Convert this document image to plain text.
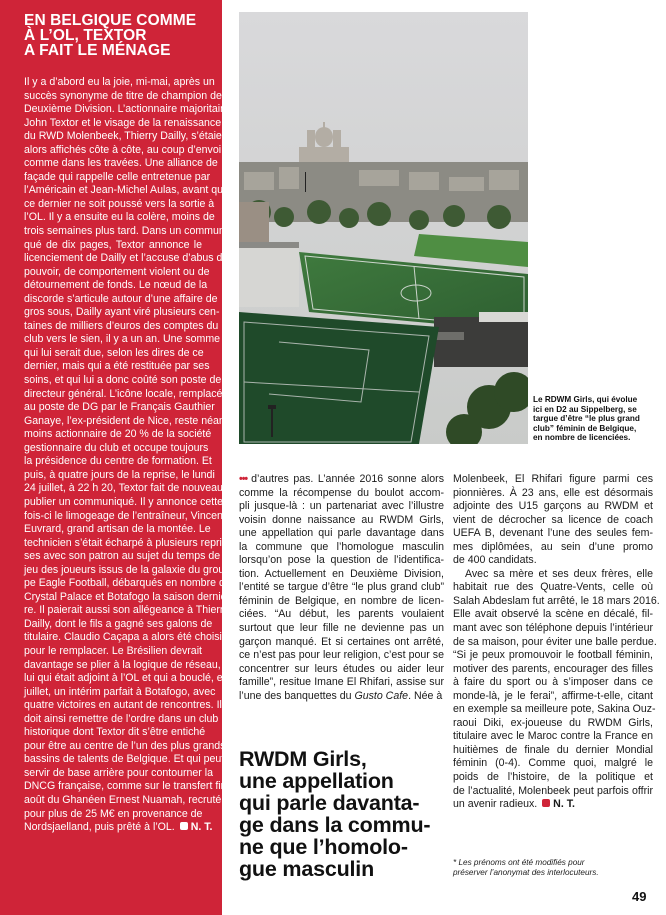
EN BELGIQUE COMME
À L’OL, TEXTOR
A FAIT LE MÉNAGE
Il y a d’abord eu la joie, mi-mai, après un
succès synonyme de titre de champion de
Deuxième Division. L’actionnaire majoritaire
John Textor et le visage de la renaissance
du RWD Molenbeek, Thierry Dailly, s’étaient
alors affichés côte à côte, au coup d’envoi
comme dans les travées. Une alliance de
façade qui rappelle celle entretenue par
l’Américain et Jean-Michel Aulas, avant que
ce dernier ne soit poussé vers la sortie à
l’OL. Il y a ensuite eu la colère, moins de
trois semaines plus tard. Dans un communi-
qué de dix pages, Textor annonce le
licenciement de Dailly et l’accuse d’abus de
pouvoir, de comportement violent ou de
détournement de fonds. Le nœud de la
discorde s’articule autour d’une affaire de
gros sous, Dailly ayant viré plusieurs cen-
taines de milliers d’euros des comptes du
club vers le sien, il y a un an. Une somme
qui lui serait due, selon les dires de ce
dernier, mais qui a été restituée par ses
soins, et qui lui a donc coûté son poste de
directeur général. L’icône locale, remplacée
au poste de DG par le Français Gauthier
Ganaye, l’ex-président de Nice, reste néan-
moins actionnaire de 20 % de la société
gestionnaire du club et occupe toujours
la présidence du centre de formation. Et
puis, à quatre jours de la reprise, le lundi
24 juillet, à 22 h 20, Textor fait de nouveau
publier un communiqué. Il y annonce cette
fois-ci le limogeage de l’entraîneur, Vincent
Euvrard, grand artisan de la montée. Le
technicien s’était écharpé à plusieurs repri-
ses avec son patron au sujet du temps de
jeu des joueurs issus de la galaxie du grou-
pe Eagle Football, débarqués en nombre de
Crystal Palace et Botafogo la saison derniè-
re. Il paierait aussi son allégeance à Thierry
Dailly, dont le fils a gagné ses galons de
titulaire. Claudio Caçapa a alors été choisi
pour le remplacer. Le Brésilien devrait
davantage se plier à la logique de réseau,
lui qui était adjoint à l’OL et qui a bouclé, en
juillet, un intérim parfait à Botafogo, avec
quatre victoires en autant de rencontres. Il
doit ainsi remettre de l’ordre dans un club
historique dont Textor dit s’être entiché
pour être au centre de l’un des plus grands
bassins de talents de Belgique. Et qui peut
servir de base arrière pour contourner la
DNCG française, comme sur le transfert fin
août du Ghanéen Ernest Nuamah, recruté
pour plus de 25 M€ en provenance de
Nordsjaelland, puis prêté à l’OL. N. T.
Le RDWM Girls, qui évolue
ici en D2 au Sippelberg, se
targue d’être “le plus grand
club” féminin de Belgique,
en nombre de licenciées.
••• d’autres pas. L’année 2016 sonne alors
comme la récompense du boulot accom-
pli jusque-là : un partenariat avec l’illustre
voisin donne naissance au RWDM Girls,
une appellation qui parle davantage dans
la commune que l’homologue masculin
lorsqu’on pose la question de l’identifica-
tion. Actuellement en Deuxième Division,
l’entité se targue d’être “le plus grand club”
féminin de Belgique, en nombre de licen-
ciées. “Au début, les parents voulaient
surtout que leur fille ne devienne pas un
garçon manqué. Et si certaines ont arrêté,
ce n’est pas pour leur religion, c’est pour se
concentrer sur leurs études ou aider leur
famille”, resitue Imane El Rhifari, assise sur
l’une des banquettes du Gusto Cafe. Née à
RWDM Girls,
une appellation
qui parle davanta-
ge dans la commu-
ne que l’homolo-
gue masculin
Molenbeek, El Rhifari figure parmi ces
pionnières. À 23 ans, elle est désormais
adjointe des U15 garçons au RWDM et
vient de décrocher sa licence de coach
UEFA B, devenant l’une des seules fem-
mes diplômées, au sein d’une promo
de 400 candidats.
Avec sa mère et ses deux frères, elle
habitait rue des Quatre-Vents, celle où
Salah Abdeslam fut arrêté, le 18 mars 2016.
Elle avait observé la scène en décalé, fil-
mant avec son téléphone depuis l’intérieur
de sa maison, pour éviter une balle perdue.
“Si je peux promouvoir le football féminin,
motiver des parents, encourager des filles
à faire du sport ou à s’imposer dans ce
monde-là, je le ferai”, affirme-t-elle, citant
en exemple sa meilleure pote, Sakina Ouz-
raoui Diki, ex-joueuse du RWDM Girls,
titulaire avec le Maroc contre la France en
huitièmes de finale du dernier Mondial
féminin (0-4). Comme quoi, malgré le
poids de l’histoire, de la politique et
de l’actualité, Molenbeek peut parfois offrir
un avenir radieux. N. T.
* Les prénoms ont été modifiés pour
préserver l’anonymat des interlocuteurs.
49
